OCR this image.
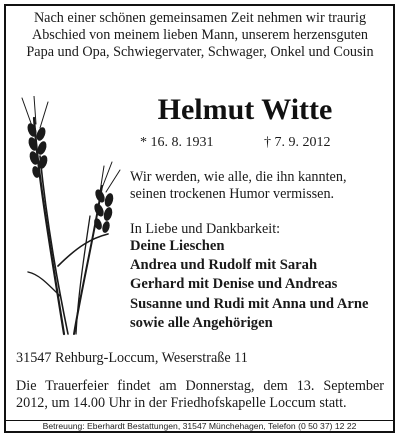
Nach einer schönen gemeinsamen Zeit nehmen wir traurig
Abschied von meinem lieben Mann, unserem herzensguten
Papa und Opa, Schwiegervater, Schwager, Onkel und Cousin

Helmut Witte
* 16. 8. 1931	† 7. 9. 2012
Wir werden, wie alle, die ihn kannten,
seinen trockenen Humor vermissen.
In Liebe und Dankbarkeit:
Deine Lieschen
Andrea und Rudolf mit Sarah
Gerhard mit Denise und Andreas
Susanne und Rudi mit Anna und Arne
sowie alle Angehörigen
31547 Rehburg-Loccum, Weserstraße 11

Die Trauerfeier findet am Donnerstag, dem 13. September
2012, um 14.00 Uhr in der Friedhofskapelle Loccum statt.

Betreuung: Eberhardt Bestattungen, 31547 Münchehagen, Telefon (0 50 37) 12 22
